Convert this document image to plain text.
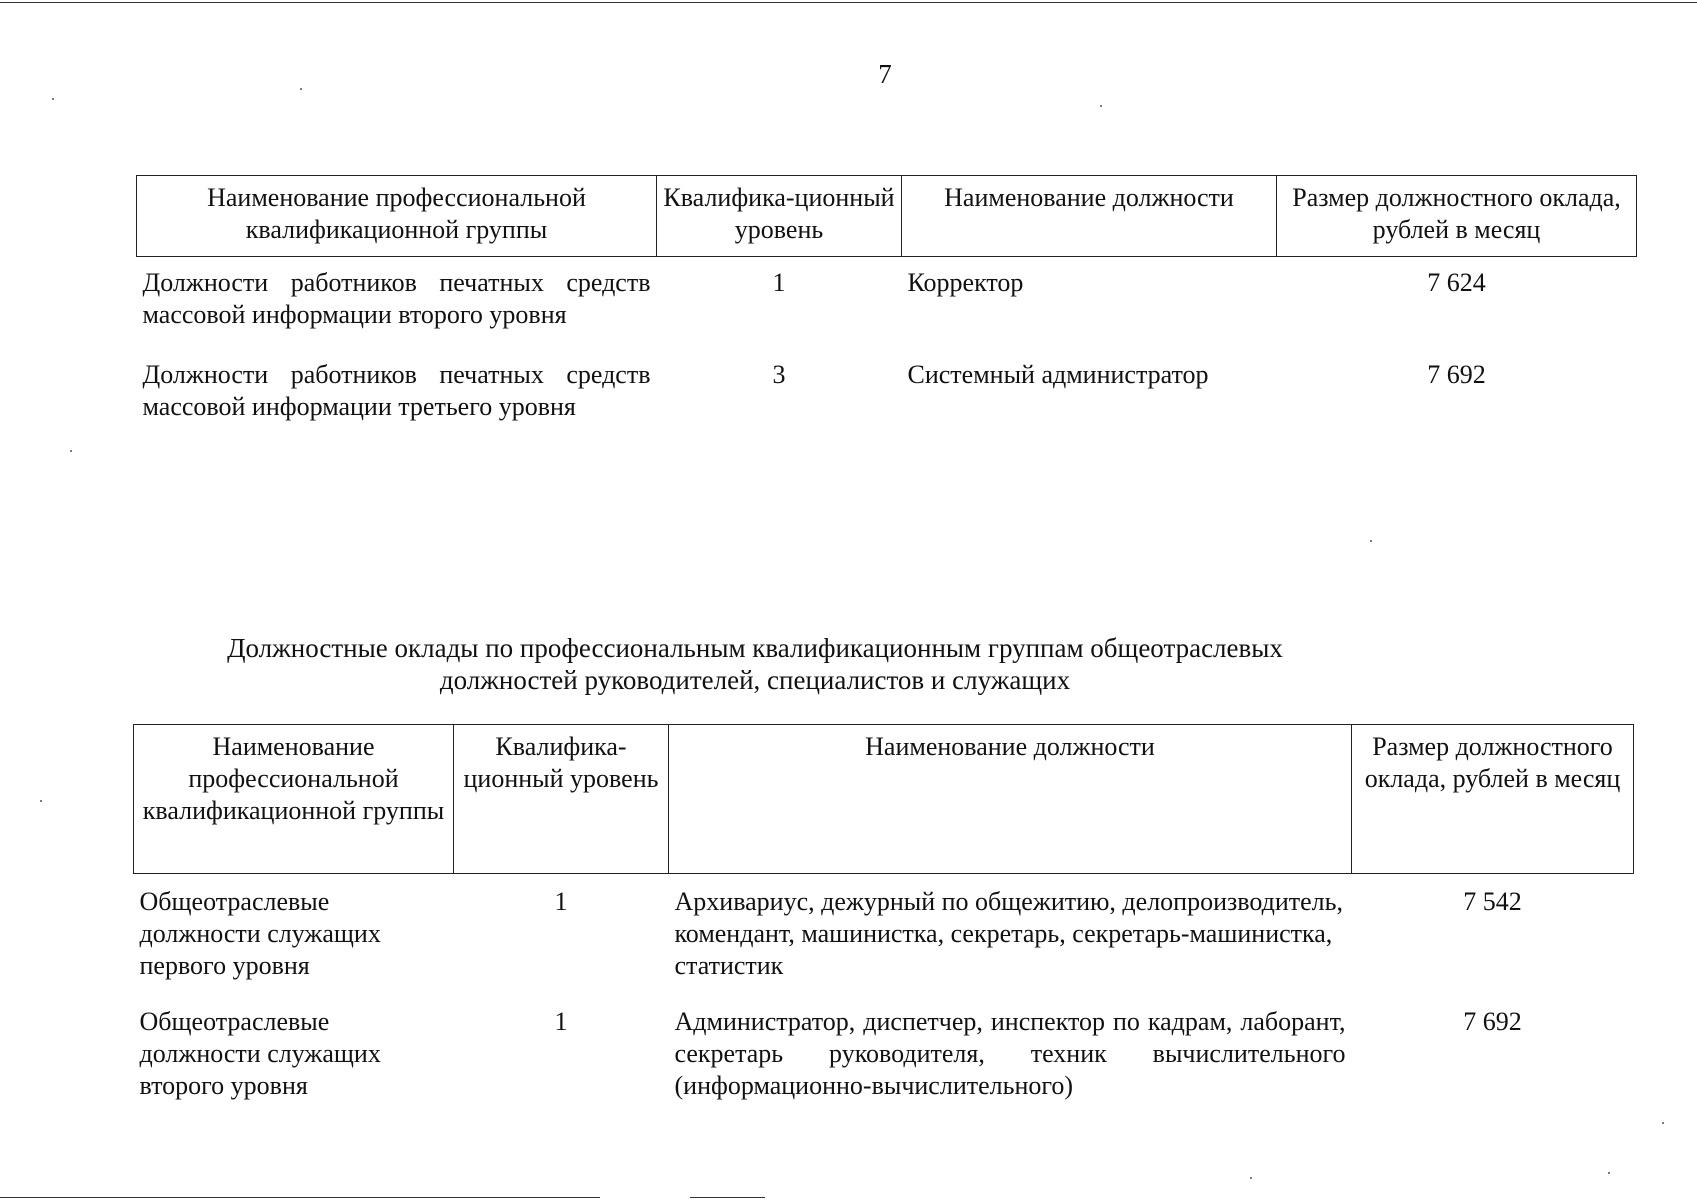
7
Наименование профессиональной квалификационной группы	Квалифика-ционный уровень	Наименование должности	Размер должностного оклада, рублей в месяц
Должности работников печатных средств массовой информации второго уровня	1	Корректор	7 624
Должности работников печатных средств массовой информации третьего уровня	3	Системный администратор	7 692
Должностные оклады по профессиональным квалификационным группам общеотраслевых должностей руководителей, специалистов и служащих
Наименование профессиональной квалификационной группы	Квалифика-ционный уровень	Наименование должности	Размер должностного оклада, рублей в месяц
Общеотраслевые должности служащих первого уровня	1	Архивариус, дежурный по общежитию, делопроизводитель, комендант, машинистка, секретарь, секретарь-машинистка, статистик	7 542
Общеотраслевые должности служащих второго уровня	1	Администратор, диспетчер, инспектор по кадрам, лаборант, секретарь руководителя, техник вычислительного (информационно-вычислительного)	7 692
